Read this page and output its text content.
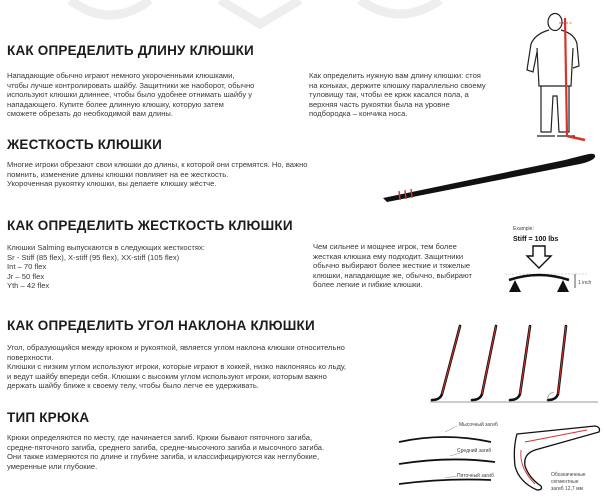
КАК ОПРЕДЕЛИТЬ ДЛИНУ КЛЮШКИ
Нападающие обычно играют немного укороченными клюшками,
чтобы лучше контролировать шайбу. Защитники же наоборот, обычно
используют клюшки длиннее, чтобы было удобнее отнимать шайбу у
нападающего. Купите более длинную клюшку, которую затем
сможете обрезать до необходимой вам длины.
Как определить нужную вам длину клюшки: стоя
на коньках, держите клюшку параллельно своему
туловищу так, чтобы ее крюк касался пола, а
верхняя часть рукоятки была на уровне
подбородка – кончика носа.
ЖЕСТКОСТЬ КЛЮШКИ
Многие игроки обрезают свои клюшки до длины, к которой они стремятся. Но, важно
помнить, изменение длины клюшки повлияет на ее жесткость.
Укороченная рукоятку клюшки, вы делаете клюшку жёстче.
КАК ОПРЕДЕЛИТЬ ЖЕСТКОСТЬ КЛЮШКИ
Клюшки Salming выпускаются в следующих жесткостях:
Sr - Stiff (85 flex), X-stiff (95 flex), XX-stiff (105 flex)
Int – 70 flex
Jr – 50 flex
Yth – 42 flex
Чем сильнее и мощнее игрок, тем более
жесткая клюшка ему подходит. Защитники
обычно выбирают более жесткие и тяжелые
клюшки, нападающие же, обычно, выбирают
более легкие и гибкие клюшки.
Example:
Stiff = 100 lbs
1 inch
КАК ОПРЕДЕЛИТЬ УГОЛ НАКЛОНА КЛЮШКИ
Угол, образующийся между крюком и рукояткой, является углом наклона клюшки относительно
поверхности.
Клюшки с низким углом используют игроки, которые играют в хоккей, низко наклоняясь ко льду,
и ведут шайбу впереди себя. Клюшки с высоким углом используют игроки, которым важно
держать шайбу ближе к своему телу, чтобы было легче ее удерживать.
ТИП КРЮКА
Крюки определяются по месту, где начинается загиб. Крюки бывают пяточного загиба,
средне-пяточного загиба, среднего загиба, средне-мысочного загиба и мысочного загиба.
Они также измеряются по длине и глубине загиба, и классифицируются как неглубокие,
умеренные или глубокие.
Мысочный загиб
Средний загиб
Пяточный загиб	Обозначенные
сегментные
загиб 12,7 мм
